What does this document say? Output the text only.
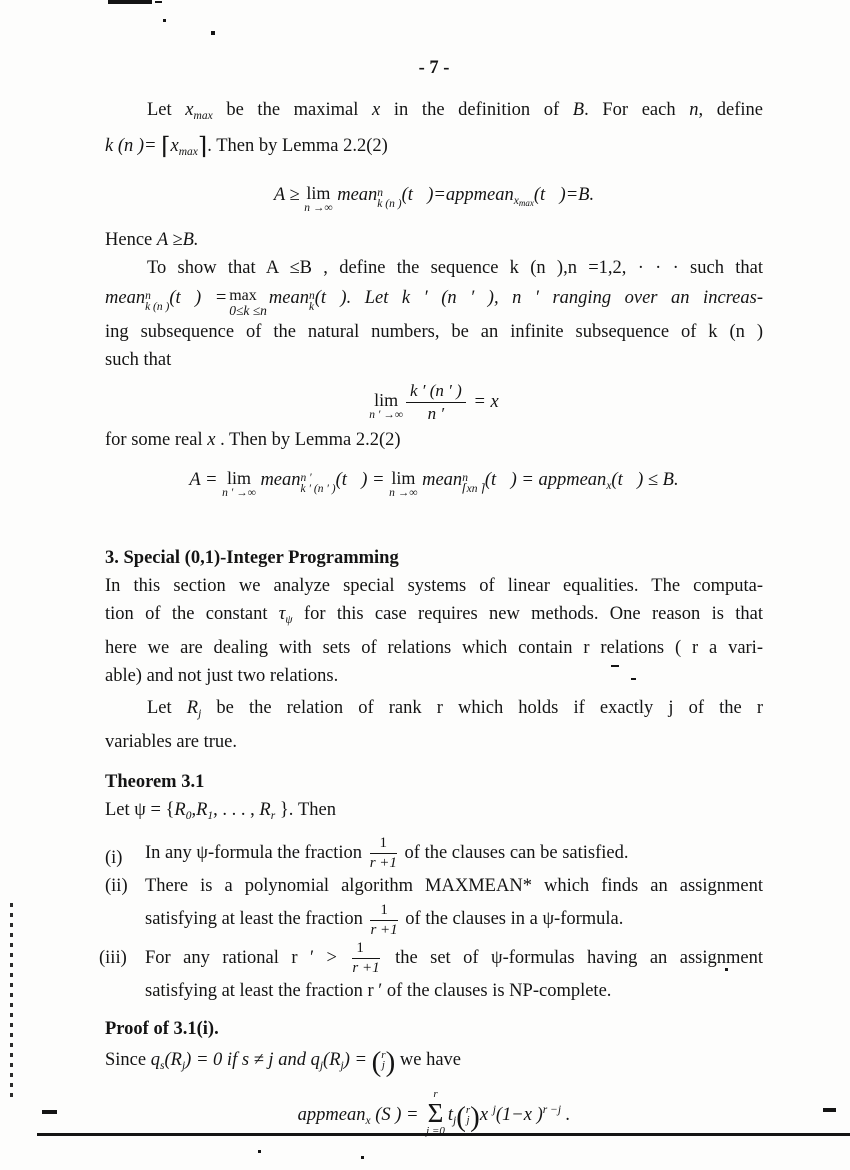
- 7 -
Let $x_{max}$ be the maximal x in the definition of B. For each n, define
k (n )= $⌈x_{max}⌉$. Then by Lemma 2.2(2)
A ≥ lim
n →∞
mean n
k (n ) (t⃗)=appmean$_{xmax}$(t⃗)=B.
Hence A ≥B.
To show that A ≤B , define the sequence k (n ),n =1,2, · · · such that
mean n
k (n ) (t⃗) = max
0≤k ≤n
mean n
k (t⃗). Let k ′ (n ′ ), n ′ ranging over an increas-
ing subsequence of the natural numbers, be an infinite subsequence of k (n )
such that
lim
n ′ →∞ $\frac{k ' (n ' )}{n '} = x$
for some real x . Then by Lemma 2.2(2)
A = lim
n ′ →∞
mean n ′
k ′ (n ′ ) (t⃗) = lim
n →∞
mean n
⌈xn ⌉ (t⃗) = appmean$_x$(t⃗) ≤ B.
3. Special (0,1)-Integer Programming
In this section we analyze special systems of linear equalities. The computa-
tion of the constant $\tau_\psi$ for this case requires new methods. One reason is that
here we are dealing with sets of relations which contain r relations ( r a vari-
able) and not just two relations.
Let $R_j$ be the relation of rank r which holds if exactly j of the r
variables are true.
Theorem 3.1
Let $\psi = \{R_0,R_1$, . . . , $R_r$ }. Then
(i) In any ψ-formula the fraction $\frac{1}{r +1}$ of the clauses can be satisfied.
(ii) There is a polynomial algorithm MAXMEAN* which finds an assignment
satisfying at least the fraction $\frac{1}{r +1}$ of the clauses in a ψ-formula.
(iii) For any rational r ′ > $\frac{1}{r +1}$ the set of ψ-formulas having an assignment
satisfying at least the fraction r ′ of the clauses is NP-complete.
Proof of 3.1(i).
Since $q_s(R_j) = 0$ if s ≠ j and $q_j(R_j)$ = ( r
j ) we have
appmean$_x$ (S ) =
r
Σ
j =0
$t_j$( r
j )x $^j$(1−x )$^{r -j}$ .
